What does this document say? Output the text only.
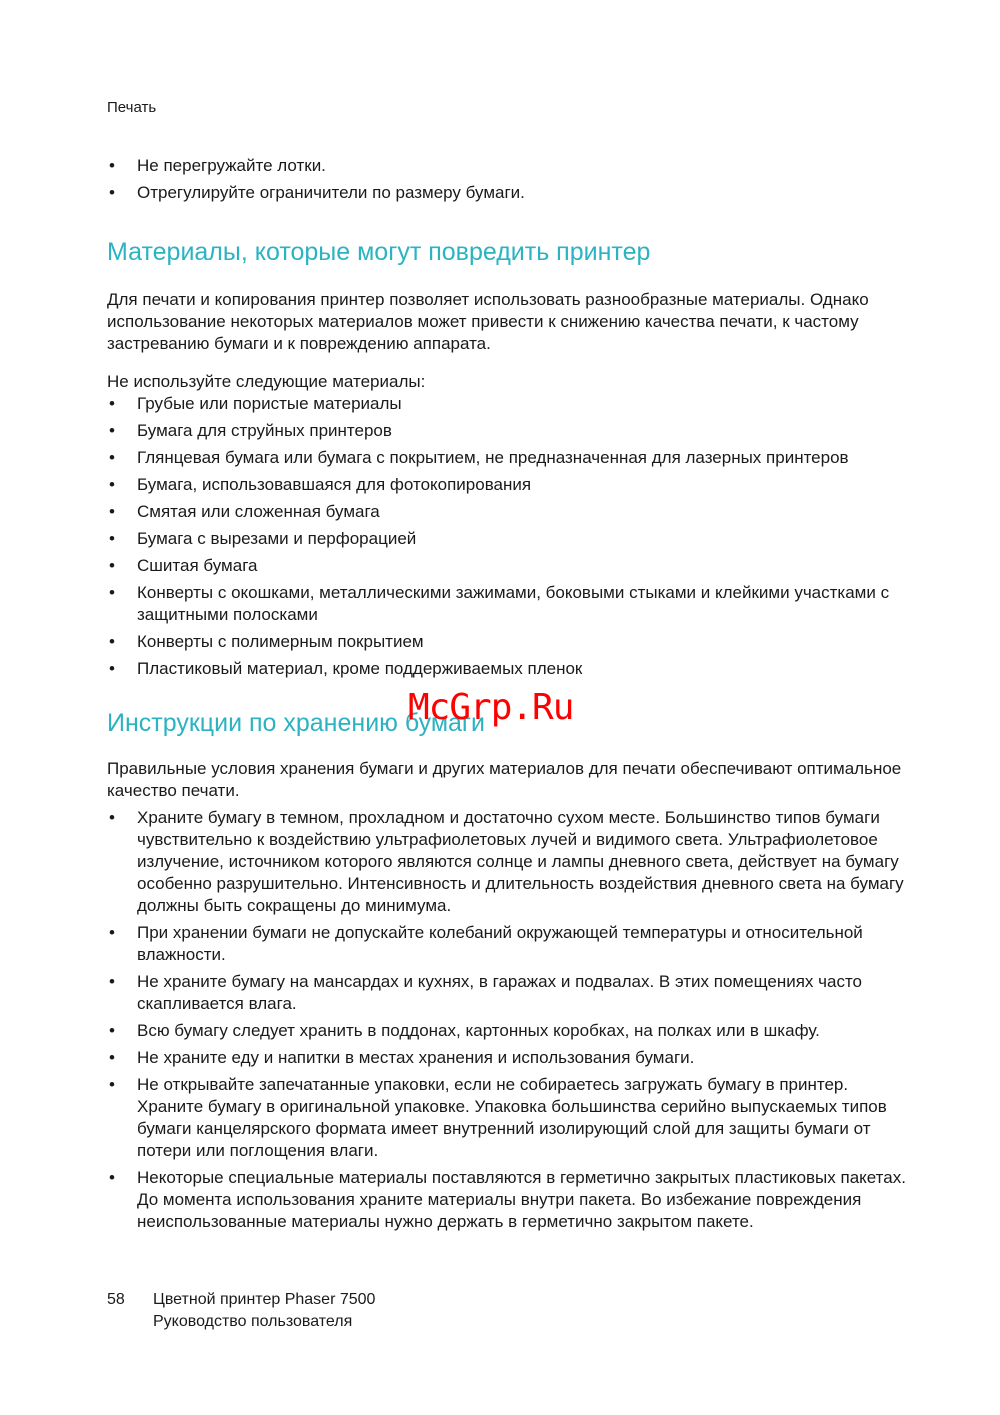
Печать
• Не перегружайте лотки.
• Отрегулируйте ограничители по размеру бумаги.
Материалы, которые могут повредить принтер

Для печати и копирования принтер позволяет использовать разнообразные материалы. Однако использование некоторых материалов может привести к снижению качества печати, к частому застреванию бумаги и к повреждению аппарата.

Не используйте следующие материалы:

• Грубые или пористые материалы
• Бумага для струйных принтеров
• Глянцевая бумага или бумага с покрытием, не предназначенная для лазерных принтеров
• Бумага, использовавшаяся для фотокопирования
• Смятая или сложенная бумага
• Бумага с вырезами и перфорацией
• Сшитая бумага
• Конверты с окошками, металлическими зажимами, боковыми стыками и клейкими участками с защитными полосками
• Конверты с полимерным покрытием
• Пластиковый материал, кроме поддерживаемых пленок
Инструкции по хранению бумаги

Правильные условия хранения бумаги и других материалов для печати обеспечивают оптимальное качество печати.

• Храните бумагу в темном, прохладном и достаточно сухом месте. Большинство типов бумаги чувствительно к воздействию ультрафиолетовых лучей и видимого света. Ультрафиолетовое излучение, источником которого являются солнце и лампы дневного света, действует на бумагу особенно разрушительно. Интенсивность и длительность воздействия дневного света на бумагу должны быть сокращены до минимума.
• При хранении бумаги не допускайте колебаний окружающей температуры и относительной влажности.
• Не храните бумагу на мансардах и кухнях, в гаражах и подвалах. В этих помещениях часто скапливается влага.
• Всю бумагу следует хранить в поддонах, картонных коробках, на полках или в шкафу.
• Не храните еду и напитки в местах хранения и использования бумаги.
• Не открывайте запечатанные упаковки, если не собираетесь загружать бумагу в принтер. Храните бумагу в оригинальной упаковке. Упаковка большинства серийно выпускаемых типов бумаги канцелярского формата имеет внутренний изолирующий слой для защиты бумаги от потери или поглощения влаги.
• Некоторые специальные материалы поставляются в герметично закрытых пластиковых пакетах. До момента использования храните материалы внутри пакета. Во избежание повреждения неиспользованные материалы нужно держать в герметично закрытом пакете.
McGrp.Ru
58 Цветной принтер Phaser 7500
Руководство пользователя
